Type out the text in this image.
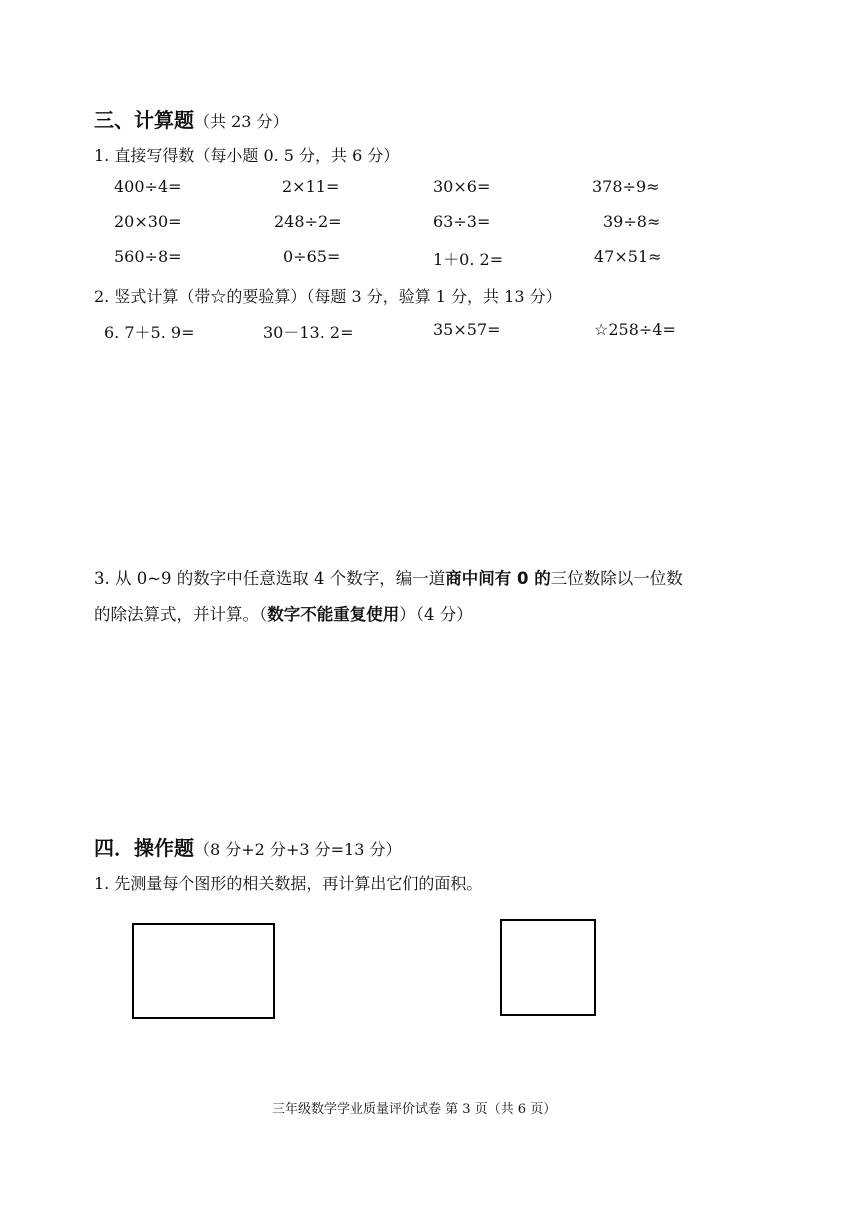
三、计算题（共 23 分）
1. 直接写得数（每小题 0. 5 分，共 6 分）
400÷4=	2×11=	30×6=	378÷9≈
20×30=	248÷2=	63÷3=	39÷8≈
560÷8=	0÷65=	1＋0. 2=	47×51≈
2. 竖式计算（带☆的要验算）（每题 3 分，验算 1 分，共 13 分）
6. 7＋5. 9=	30－13. 2=	35×57=	☆258÷4=
3. 从 0~9 的数字中任意选取 4 个数字，编一道商中间有 0 的三位数除以一位数
的除法算式，并计算。（数字不能重复使用）（4 分）
四．操作题（8 分+2 分+3 分=13 分）
1. 先测量每个图形的相关数据，再计算出它们的面积。
三年级数学学业质量评价试卷 第 3 页（共 6 页）
